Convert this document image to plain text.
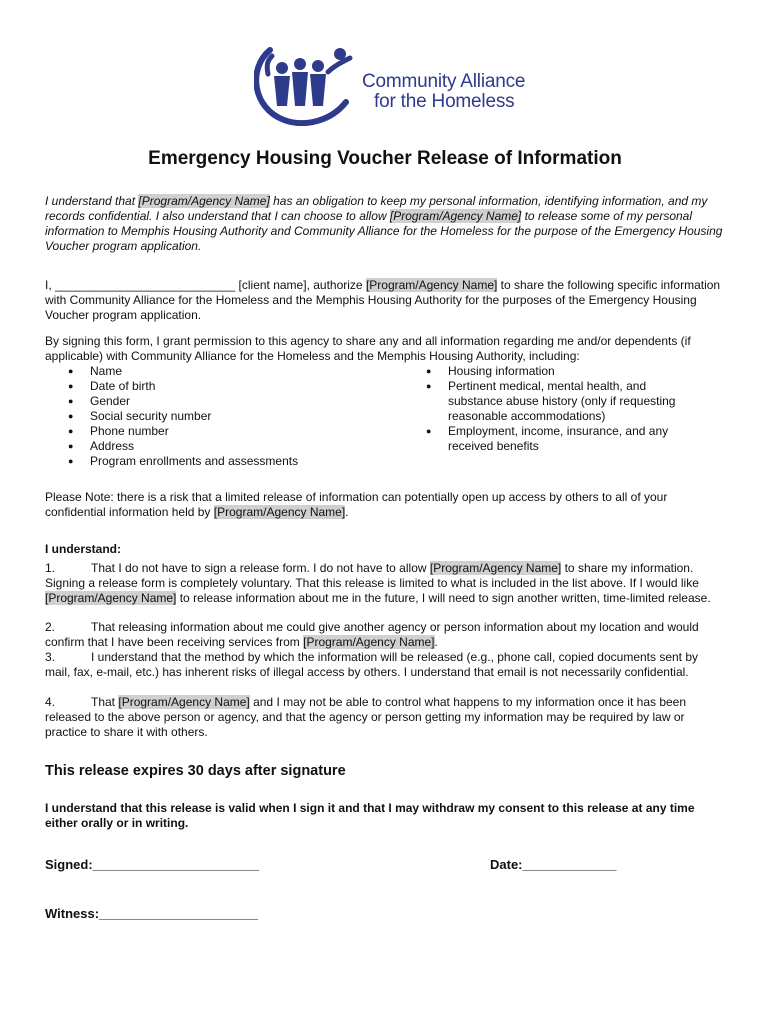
Community Alliance
for the Homeless
Emergency Housing Voucher Release of Information
I understand that [Program/Agency Name] has an obligation to keep my personal information, identifying information, and my records confidential. I also understand that I can choose to allow [Program/Agency Name] to release some of my personal information to Memphis Housing Authority and Community Alliance for the Homeless for the purpose of the Emergency Housing Voucher program application.
I, ___________________________ [client name], authorize [Program/Agency Name] to share the following specific information with Community Alliance for the Homeless and the Memphis Housing Authority for the purposes of the Emergency Housing Voucher program application.
By signing this form, I grant permission to this agency to share any and all information regarding me and/or dependents (if applicable) with Community Alliance for the Homeless and the Memphis Housing Authority, including:
● Name
● Date of birth
● Gender
● Social security number
● Phone number
● Address
● Program enrollments and assessments
● Housing information
● Pertinent medical, mental health, and substance abuse history (only if requesting reasonable accommodations)
● Employment, income, insurance, and any received benefits
Please Note: there is a risk that a limited release of information can potentially open up access by others to all of your confidential information held by [Program/Agency Name].
I understand:
1.	That I do not have to sign a release form. I do not have to allow [Program/Agency Name] to share my information. Signing a release form is completely voluntary. That this release is limited to what is included in the list above. If I would like [Program/Agency Name] to release information about me in the future, I will need to sign another written, time-limited release.
2.	That releasing information about me could give another agency or person information about my location and would confirm that I have been receiving services from [Program/Agency Name].
3.	I understand that the method by which the information will be released (e.g., phone call, copied documents sent by mail, fax, e-mail, etc.) has inherent risks of illegal access by others. I understand that email is not necessarily confidential.
4.	That [Program/Agency Name] and I may not be able to control what happens to my information once it has been released to the above person or agency, and that the agency or person getting my information may be required by law or practice to share it with others.
This release expires 30 days after signature
I understand that this release is valid when I sign it and that I may withdraw my consent to this release at any time either orally or in writing.
Signed:_______________________	Date:_____________
Witness:______________________
